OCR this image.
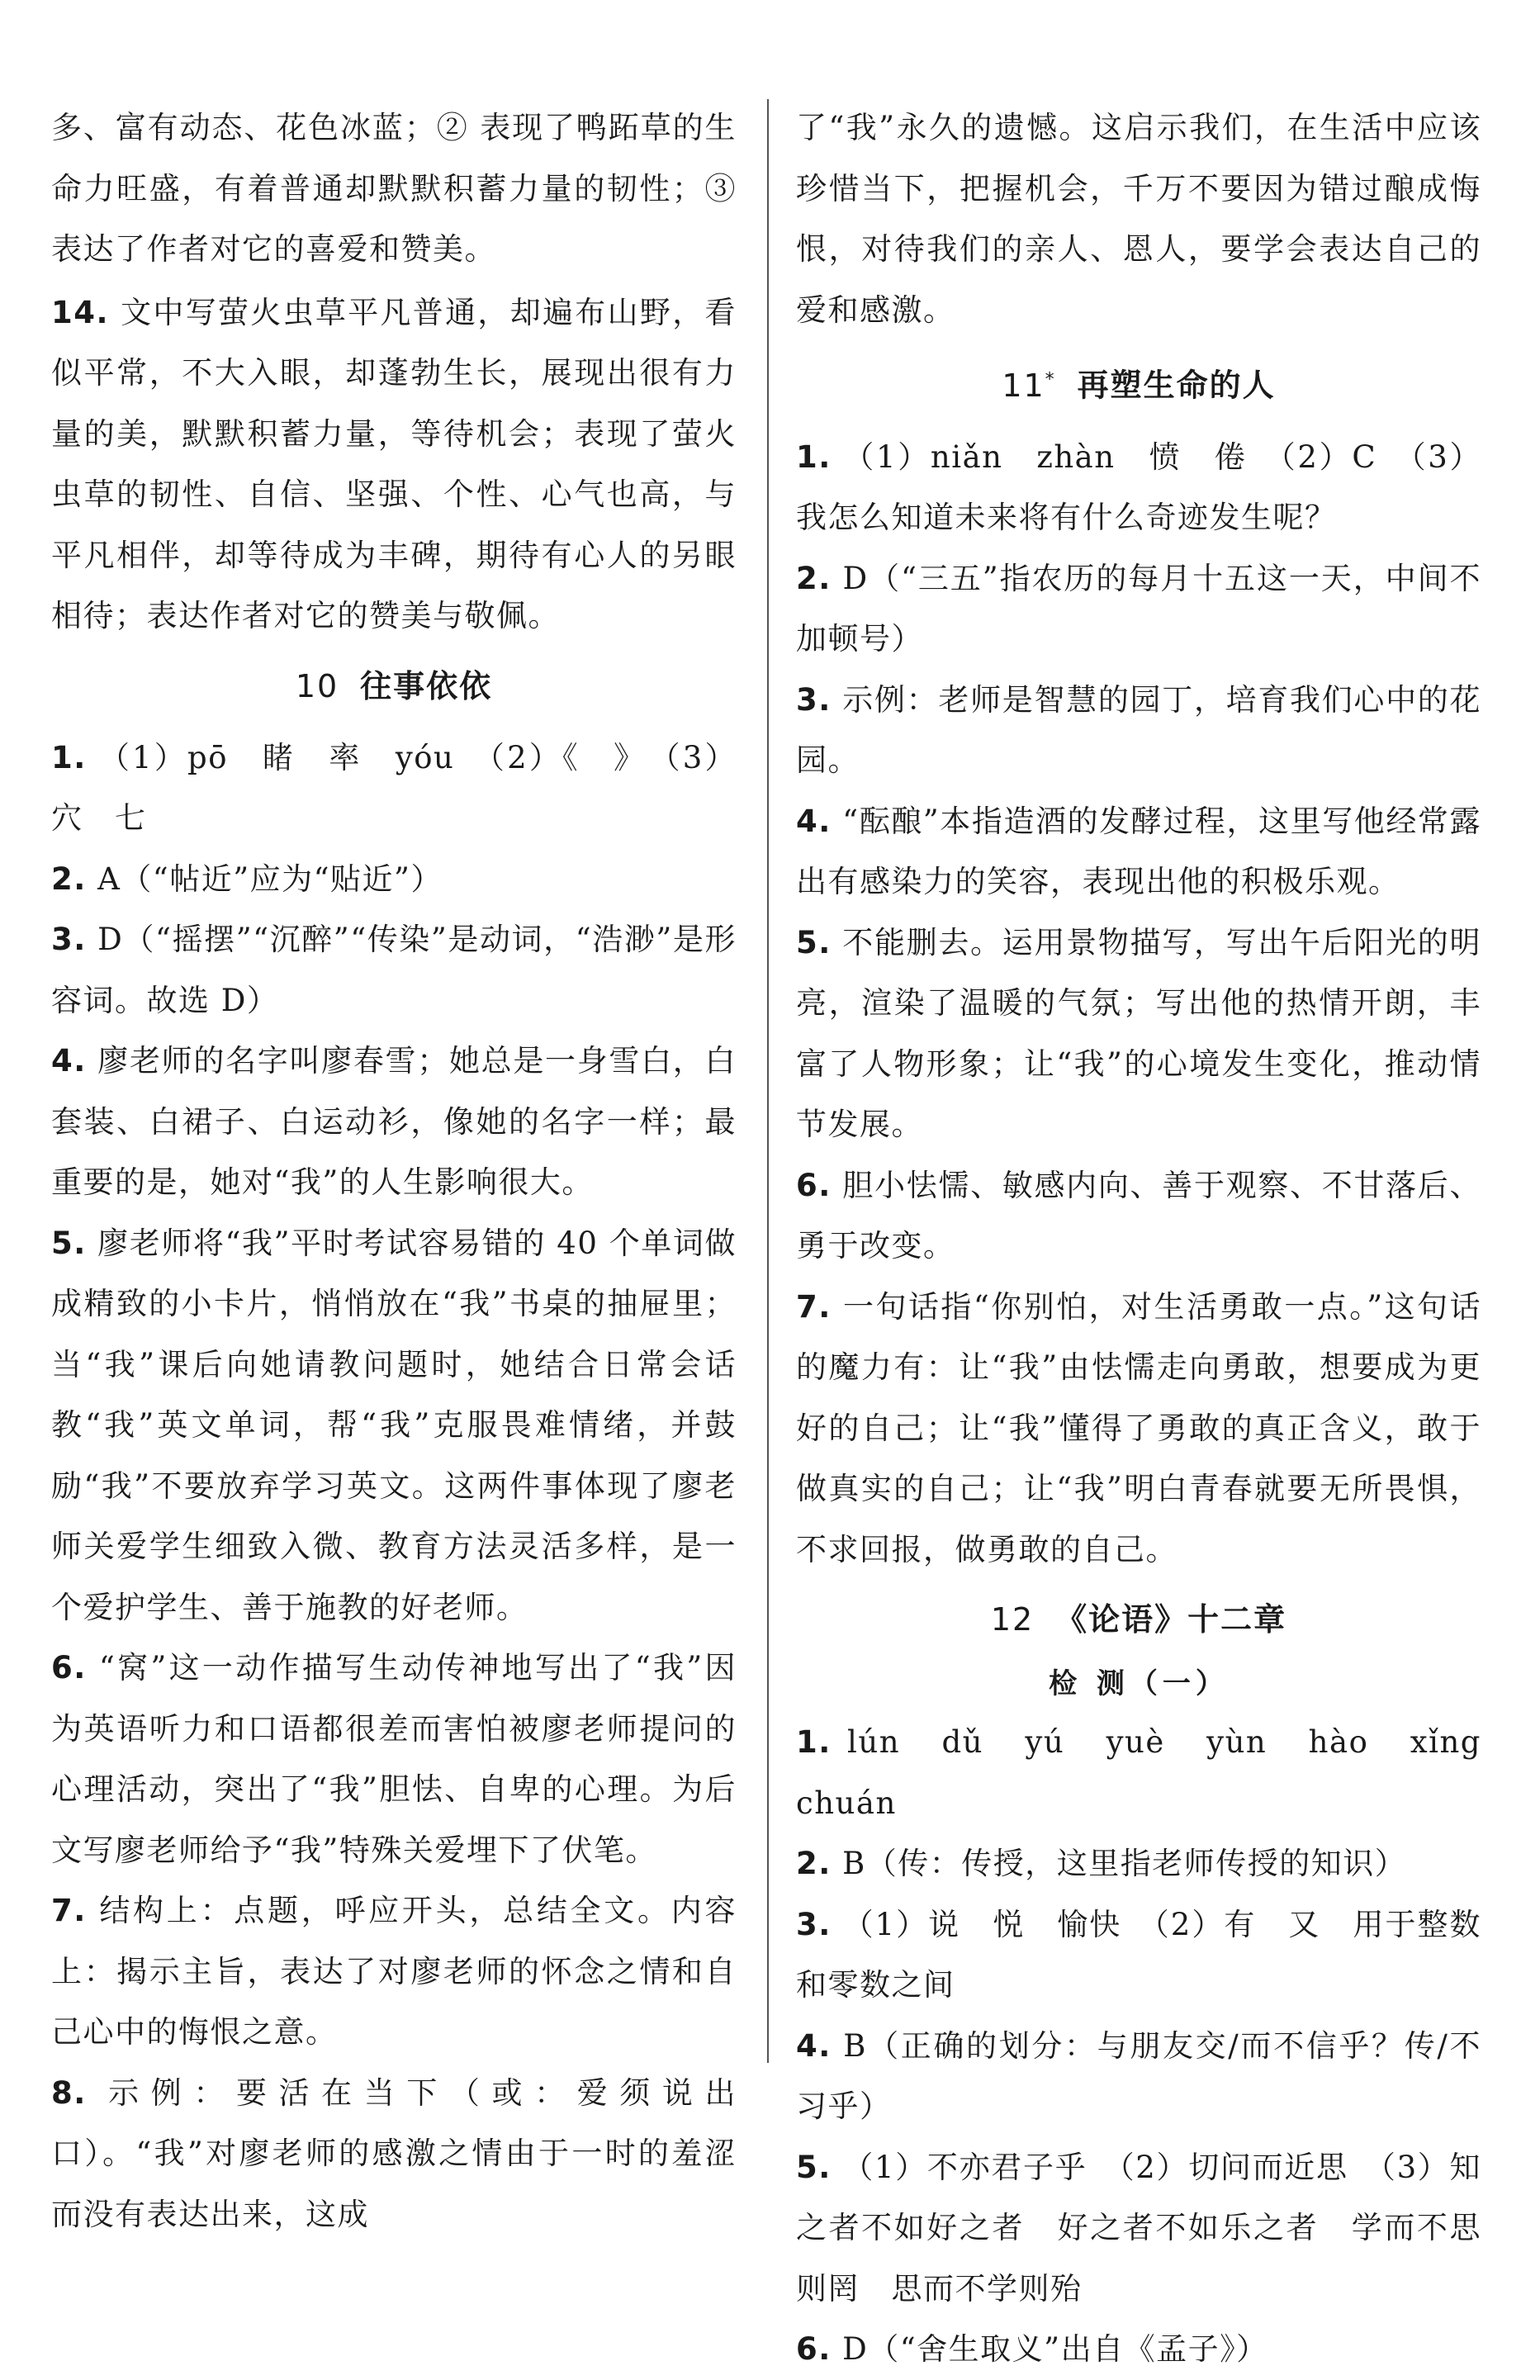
多、富有动态、花色冰蓝；② 表现了鸭跖草的生命力旺盛，有着普通却默默积蓄力量的韧性；③ 表达了作者对它的喜爱和赞美。

14. 文中写萤火虫草平凡普通，却遍布山野，看似平常，不大入眼，却蓬勃生长，展现出很有力量的美，默默积蓄力量，等待机会；表现了萤火虫草的韧性、自信、坚强、个性、心气也高，与平凡相伴，却等待成为丰碑，期待有心人的另眼相待；表达作者对它的赞美与敬佩。

10 往事依依

1. （1）pō　睹　率　yóu　（2）《　》　（3）穴　七

2. A（“帖近”应为“贴近”）

3. D（“摇摆”“沉醉”“传染”是动词，“浩渺”是形容词。故选 D）

4. 廖老师的名字叫廖春雪；她总是一身雪白，白套装、白裙子、白运动衫，像她的名字一样；最重要的是，她对“我”的人生影响很大。

5. 廖老师将“我”平时考试容易错的 40 个单词做成精致的小卡片，悄悄放在“我”书桌的抽屉里；当“我”课后向她请教问题时，她结合日常会话教“我”英文单词，帮“我”克服畏难情绪，并鼓励“我”不要放弃学习英文。这两件事体现了廖老师关爱学生细致入微、教育方法灵活多样，是一个爱护学生、善于施教的好老师。

6. “窝”这一动作描写生动传神地写出了“我”因为英语听力和口语都很差而害怕被廖老师提问的心理活动，突出了“我”胆怯、自卑的心理。为后文写廖老师给予“我”特殊关爱埋下了伏笔。

7. 结构上：点题，呼应开头，总结全文。内容上：揭示主旨，表达了对廖老师的怀念之情和自己心中的悔恨之意。

8. 示例：要活在当下（或：爱须说出口）。“我”对廖老师的感激之情由于一时的羞涩而没有表达出来，这成

了“我”永久的遗憾。这启示我们，在生活中应该珍惜当下，把握机会，千万不要因为错过酿成悔恨，对待我们的亲人、恩人，要学会表达自己的爱和感激。

11* 再塑生命的人

1. （1）niǎn　zhàn　愤　倦　（2）C　（3）我怎么知道未来将有什么奇迹发生呢？

2. D（“三五”指农历的每月十五这一天，中间不加顿号）

3. 示例：老师是智慧的园丁，培育我们心中的花园。

4. “酝酿”本指造酒的发酵过程，这里写他经常露出有感染力的笑容，表现出他的积极乐观。

5. 不能删去。运用景物描写，写出午后阳光的明亮，渲染了温暖的气氛；写出他的热情开朗，丰富了人物形象；让“我”的心境发生变化，推动情节发展。

6. 胆小怯懦、敏感内向、善于观察、不甘落后、勇于改变。

7. 一句话指“你别怕，对生活勇敢一点。”这句话的魔力有：让“我”由怯懦走向勇敢，想要成为更好的自己；让“我”懂得了勇敢的真正含义，敢于做真实的自己；让“我”明白青春就要无所畏惧，不求回报，做勇敢的自己。

12 《论语》十二章
检 测（一）

1. lún　dǔ　yú　yuè　yùn　hào　xǐng　chuán

2. B（传：传授，这里指老师传授的知识）

3. （1）说　悦　愉快　（2）有　又　用于整数和零数之间

4. B（正确的划分：与朋友交/而不信乎？传/不习乎）

5. （1）不亦君子乎　（2）切问而近思　（3）知之者不如好之者　好之者不如乐之者　学而不思则罔　思而不学则殆

6. D（“舍生取义”出自《孟子》）
